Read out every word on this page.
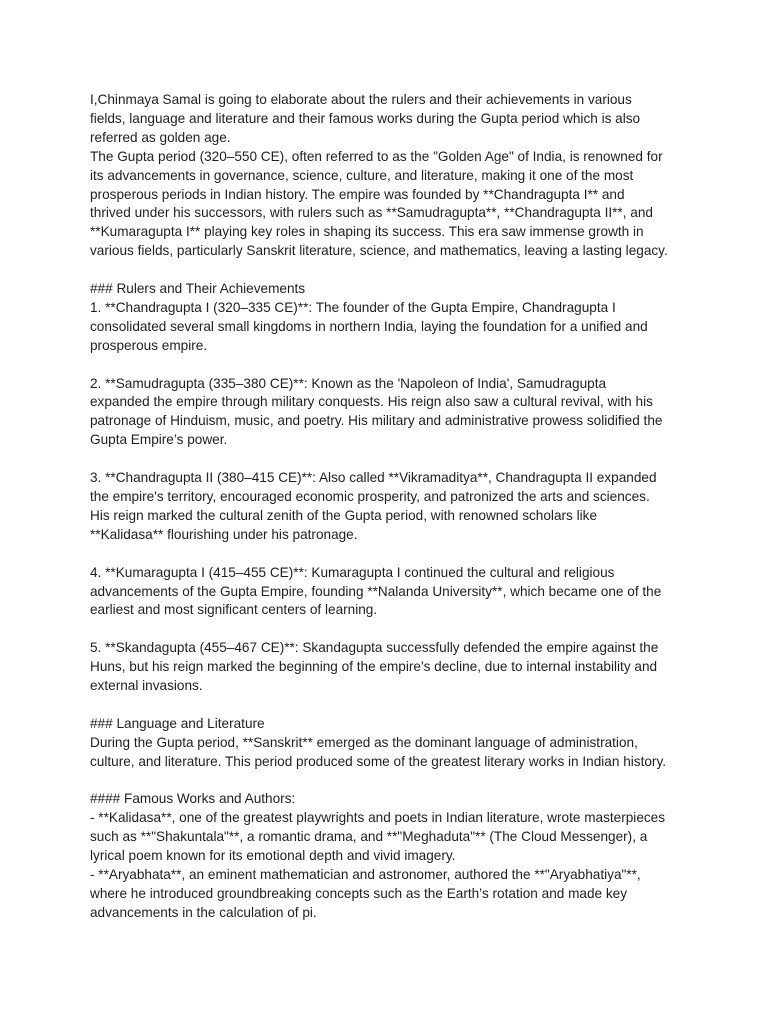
I,Chinmaya Samal is going to elaborate about the rulers and their achievements in various
fields, language and literature and their famous works during the Gupta period which is also
referred as golden age.
The Gupta period (320–550 CE), often referred to as the "Golden Age" of India, is renowned for
its advancements in governance, science, culture, and literature, making it one of the most
prosperous periods in Indian history. The empire was founded by **Chandragupta I** and
thrived under his successors, with rulers such as **Samudragupta**, **Chandragupta II**, and
**Kumaragupta I** playing key roles in shaping its success. This era saw immense growth in
various fields, particularly Sanskrit literature, science, and mathematics, leaving a lasting legacy.
### Rulers and Their Achievements
1. **Chandragupta I (320–335 CE)**: The founder of the Gupta Empire, Chandragupta I
consolidated several small kingdoms in northern India, laying the foundation for a unified and
prosperous empire.
2. **Samudragupta (335–380 CE)**: Known as the 'Napoleon of India', Samudragupta
expanded the empire through military conquests. His reign also saw a cultural revival, with his
patronage of Hinduism, music, and poetry. His military and administrative prowess solidified the
Gupta Empire’s power.
3. **Chandragupta II (380–415 CE)**: Also called **Vikramaditya**, Chandragupta II expanded
the empire's territory, encouraged economic prosperity, and patronized the arts and sciences.
His reign marked the cultural zenith of the Gupta period, with renowned scholars like
**Kalidasa** flourishing under his patronage.
4. **Kumaragupta I (415–455 CE)**: Kumaragupta I continued the cultural and religious
advancements of the Gupta Empire, founding **Nalanda University**, which became one of the
earliest and most significant centers of learning.
5. **Skandagupta (455–467 CE)**: Skandagupta successfully defended the empire against the
Huns, but his reign marked the beginning of the empire's decline, due to internal instability and
external invasions.
### Language and Literature
During the Gupta period, **Sanskrit** emerged as the dominant language of administration,
culture, and literature. This period produced some of the greatest literary works in Indian history.
#### Famous Works and Authors:
- **Kalidasa**, one of the greatest playwrights and poets in Indian literature, wrote masterpieces
such as **"Shakuntala"**, a romantic drama, and **"Meghaduta"** (The Cloud Messenger), a
lyrical poem known for its emotional depth and vivid imagery.
- **Aryabhata**, an eminent mathematician and astronomer, authored the **"Aryabhatiya"**,
where he introduced groundbreaking concepts such as the Earth’s rotation and made key
advancements in the calculation of pi.
